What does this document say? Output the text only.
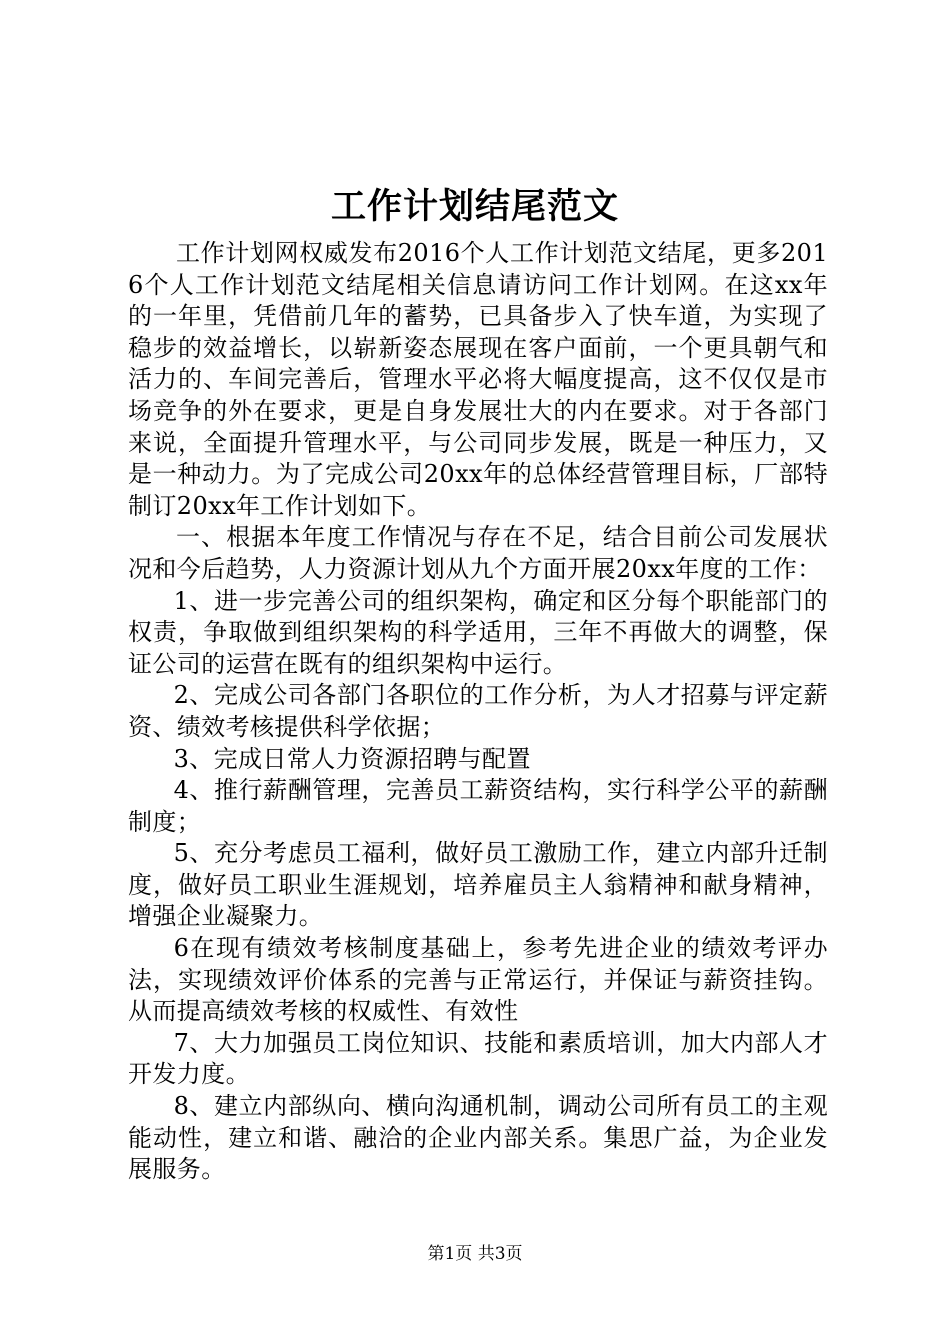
工作计划结尾范文

工作计划网权威发布2016个人工作计划范文结尾，更多2016个人工作计划范文结尾相关信息请访问工作计划网。在这xx年的一年里，凭借前几年的蓄势，已具备步入了快车道，为实现了稳步的效益增长，以崭新姿态展现在客户面前，一个更具朝气和活力的、车间完善后，管理水平必将大幅度提高，这不仅仅是市场竞争的外在要求，更是自身发展壮大的内在要求。对于各部门来说，全面提升管理水平，与公司同步发展，既是一种压力，又是一种动力。为了完成公司20xx年的总体经营管理目标，厂部特制订20xx年工作计划如下。

一、根据本年度工作情况与存在不足，结合目前公司发展状况和今后趋势，人力资源计划从九个方面开展20xx年度的工作：

1、进一步完善公司的组织架构，确定和区分每个职能部门的权责，争取做到组织架构的科学适用，三年不再做大的调整，保证公司的运营在既有的组织架构中运行。

2、完成公司各部门各职位的工作分析，为人才招募与评定薪资、绩效考核提供科学依据；

3、完成日常人力资源招聘与配置

4、推行薪酬管理，完善员工薪资结构，实行科学公平的薪酬制度；

5、充分考虑员工福利，做好员工激励工作，建立内部升迁制度，做好员工职业生涯规划，培养雇员主人翁精神和献身精神，增强企业凝聚力。

6在现有绩效考核制度基础上，参考先进企业的绩效考评办法，实现绩效评价体系的完善与正常运行，并保证与薪资挂钩。从而提高绩效考核的权威性、有效性

7、大力加强员工岗位知识、技能和素质培训，加大内部人才开发力度。

8、建立内部纵向、横向沟通机制，调动公司所有员工的主观能动性，建立和谐、融洽的企业内部关系。集思广益，为企业发展服务。

第1页 共3页
